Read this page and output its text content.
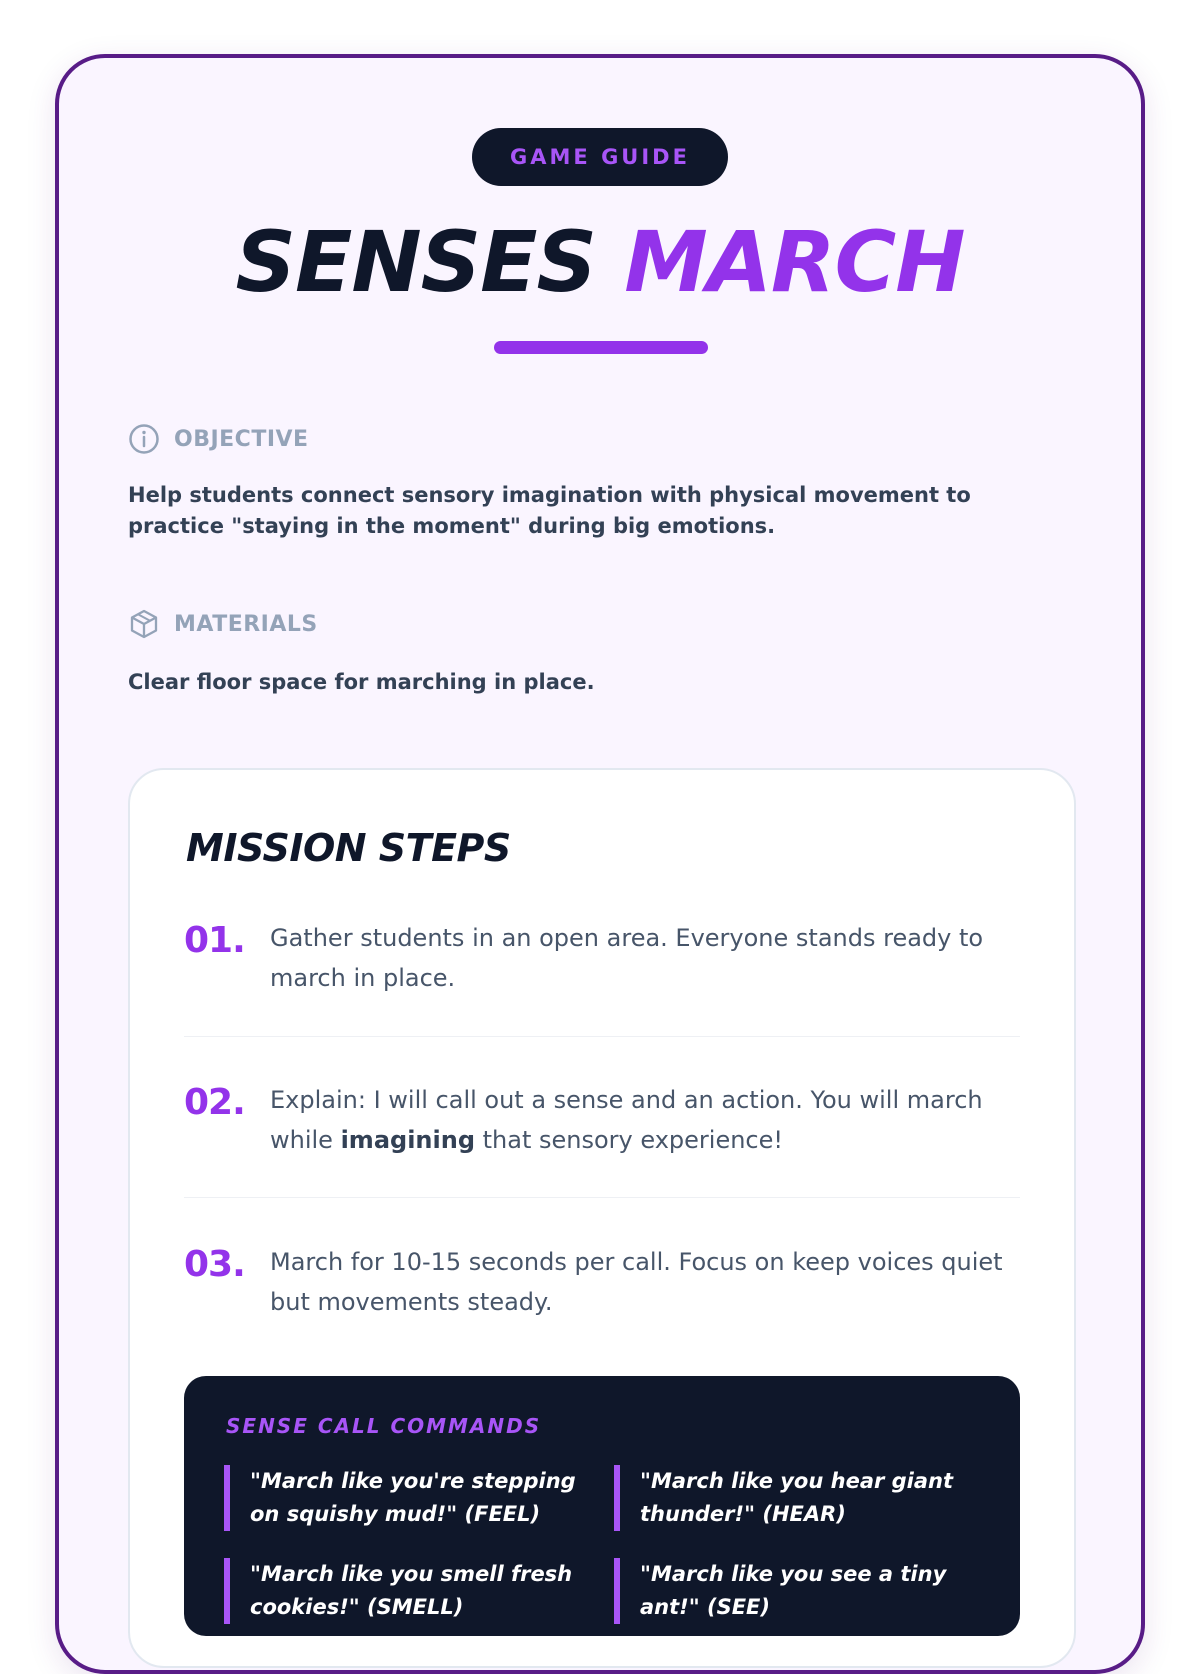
GAME GUIDE
SENSES MARCH
OBJECTIVE
Help students connect sensory imagination with physical movement to practice "staying in the moment" during big emotions.
MATERIALS
Clear floor space for marching in place.
MISSION STEPS
01. Gather students in an open area. Everyone stands ready to march in place.
02. Explain: I will call out a sense and an action. You will march while imagining that sensory experience!
03. March for 10-15 seconds per call. Focus on keep voices quiet but movements steady.
SENSE CALL COMMANDS
"March like you're stepping on squishy mud!" (FEEL)
"March like you hear giant thunder!" (HEAR)
"March like you smell fresh cookies!" (SMELL)
"March like you see a tiny ant!" (SEE)
